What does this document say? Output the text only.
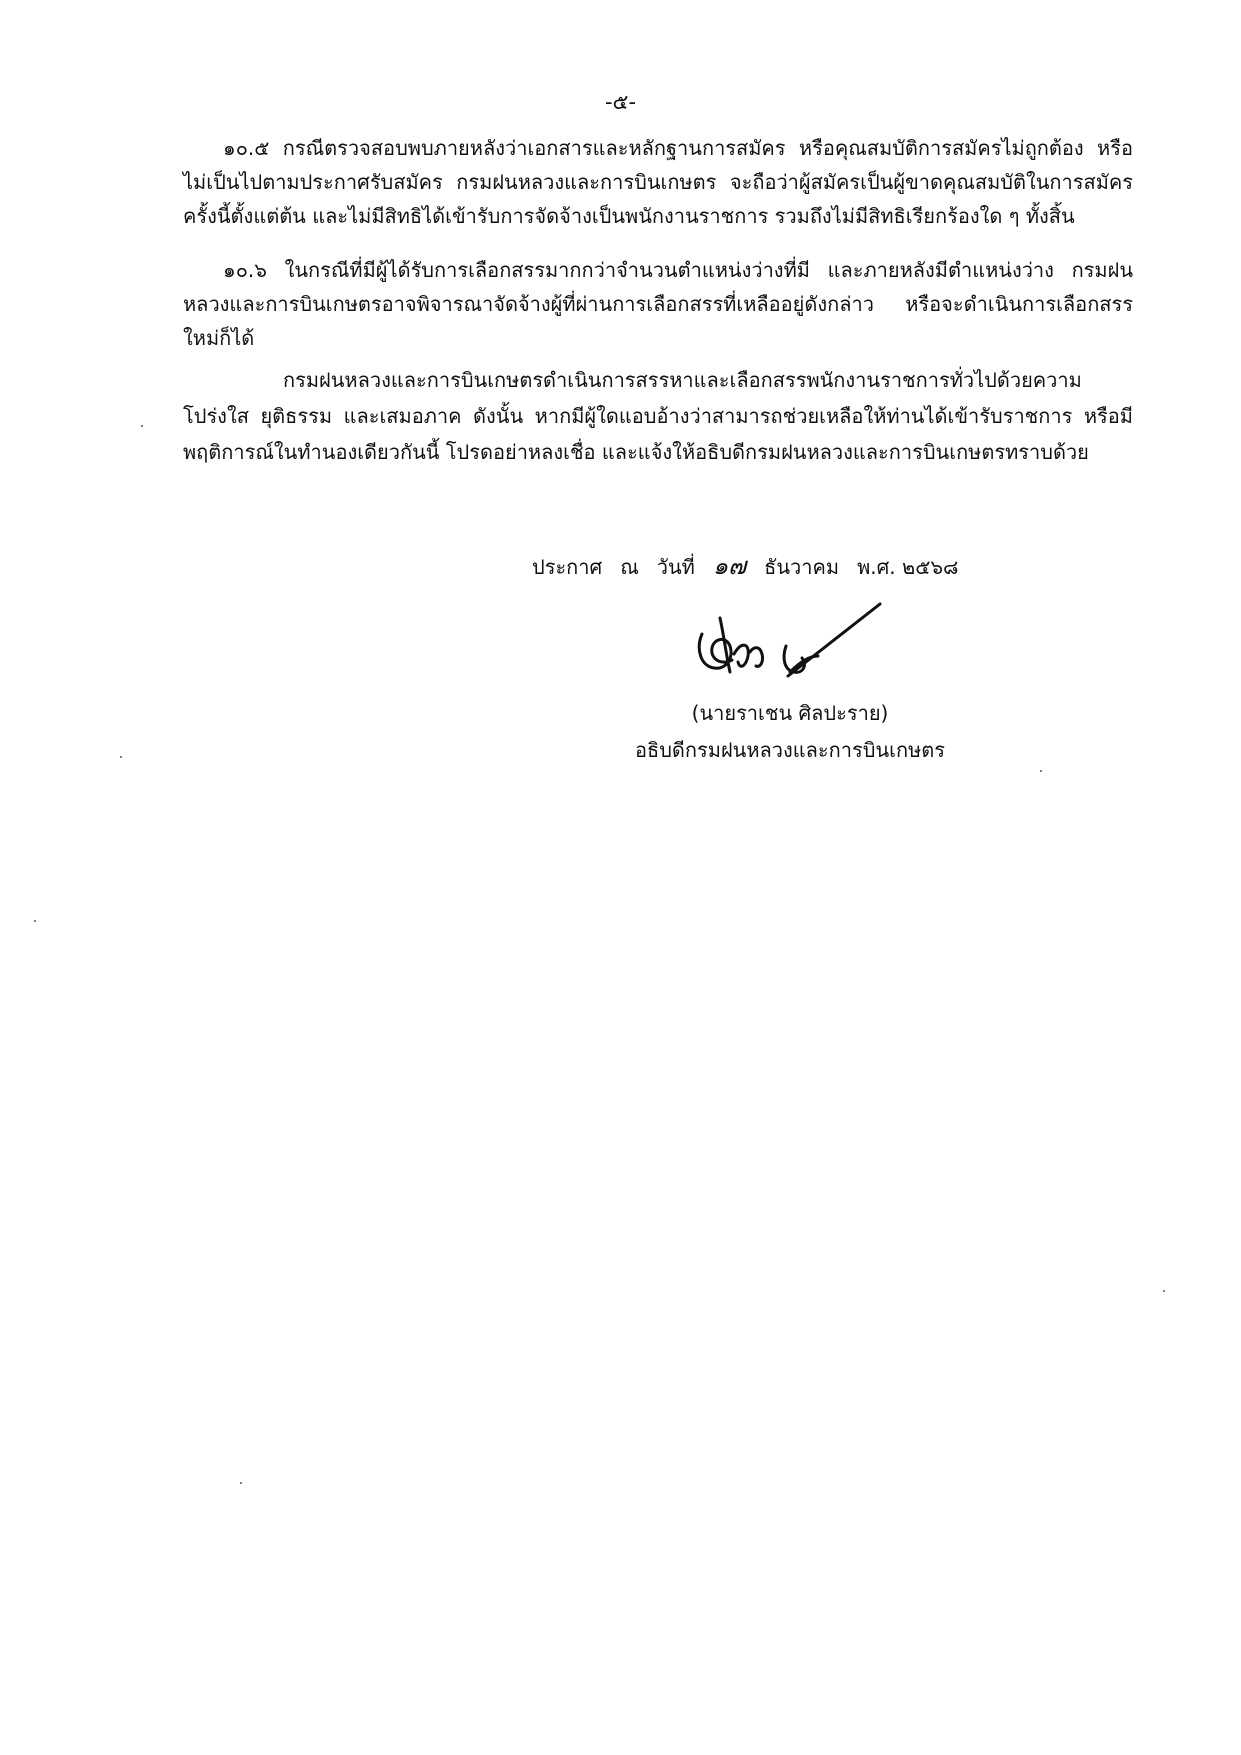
-๕-
๑๐.๕ กรณีตรวจสอบพบภายหลังว่าเอกสารและหลักฐานการสมัคร หรือคุณสมบัติการสมัครไม่ถูกต้อง หรือไม่เป็นไปตามประกาศรับสมัคร กรมฝนหลวงและการบินเกษตร จะถือว่าผู้สมัครเป็นผู้ขาดคุณสมบัติในการสมัครครั้งนี้ตั้งแต่ต้น และไม่มีสิทธิได้เข้ารับการจัดจ้างเป็นพนักงานราชการ รวมถึงไม่มีสิทธิเรียกร้องใด ๆ ทั้งสิ้น
๑๐.๖ ในกรณีที่มีผู้ได้รับการเลือกสรรมากกว่าจำนวนตำแหน่งว่างที่มี และภายหลังมีตำแหน่งว่าง กรมฝนหลวงและการบินเกษตรอาจพิจารณาจัดจ้างผู้ที่ผ่านการเลือกสรรที่เหลืออยู่ดังกล่าว หรือจะดำเนินการเลือกสรรใหม่ก็ได้
กรมฝนหลวงและการบินเกษตรดำเนินการสรรหาและเลือกสรรพนักงานราชการทั่วไปด้วยความโปร่งใส ยุติธรรม และเสมอภาค ดังนั้น หากมีผู้ใดแอบอ้างว่าสามารถช่วยเหลือให้ท่านได้เข้ารับราชการ หรือมีพฤติการณ์ในทำนองเดียวกันนี้ โปรดอย่าหลงเชื่อ และแจ้งให้อธิบดีกรมฝนหลวงและการบินเกษตรทราบด้วย
ประกาศ ณ วันที่ ๑๗ ธันวาคม พ.ศ. ๒๕๖๘
(นายราเชน ศิลปะราย)
อธิบดีกรมฝนหลวงและการบินเกษตร
